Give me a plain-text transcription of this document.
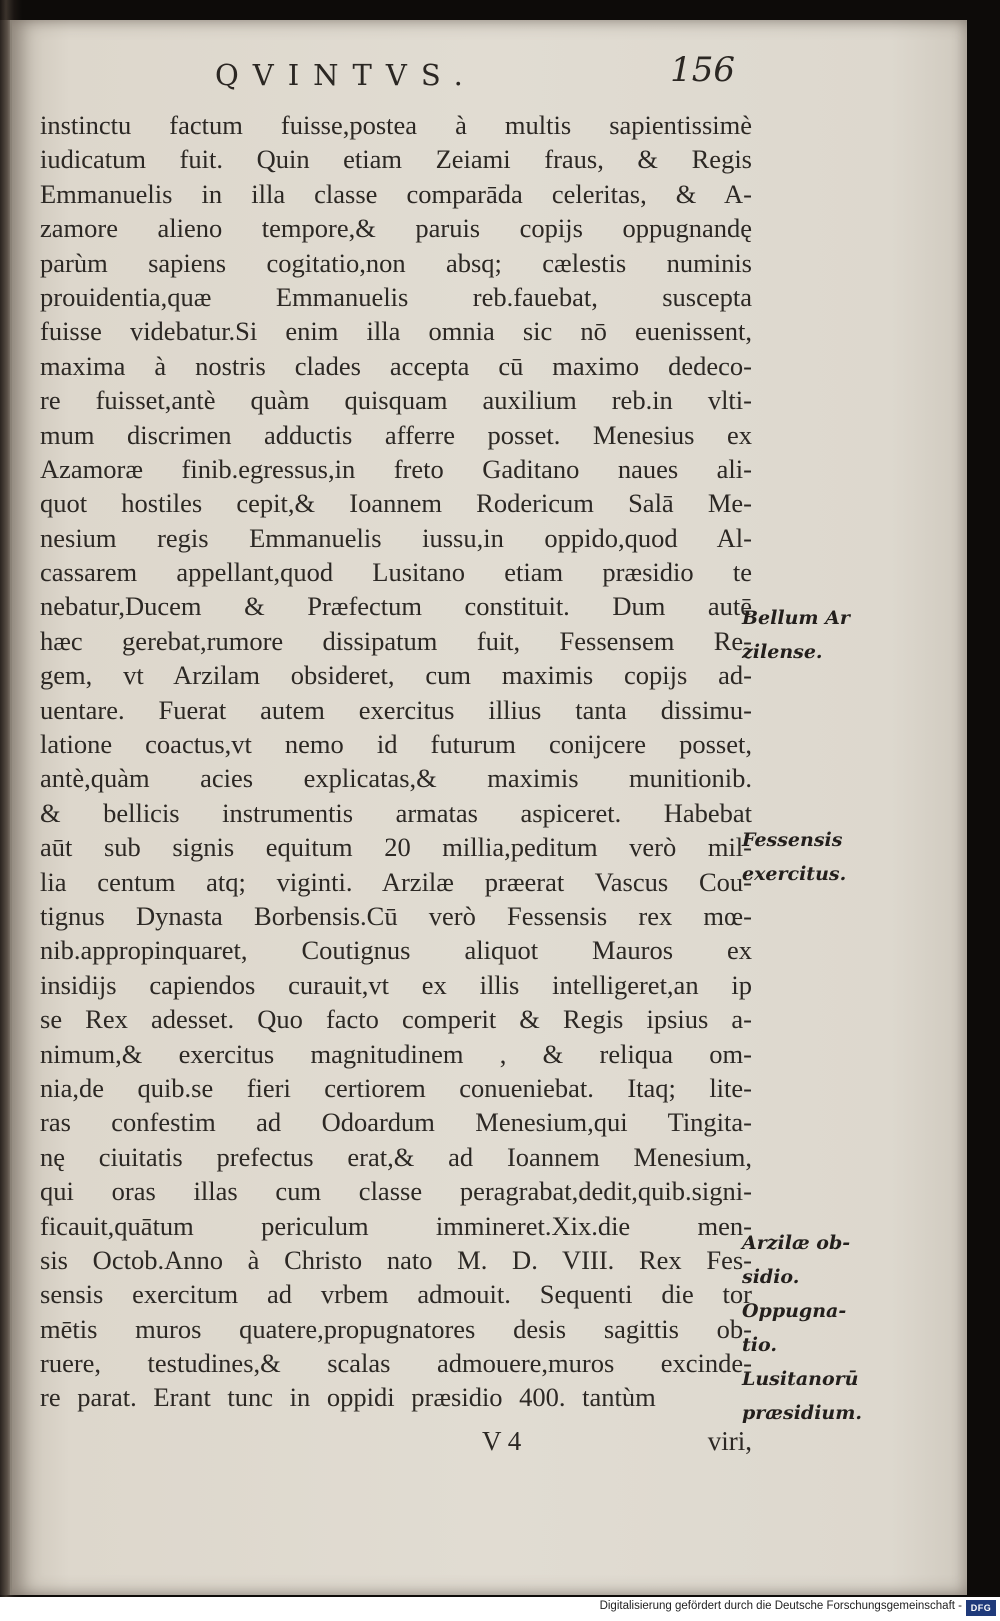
QVINTVS.	156
instinctu factum fuisse,postea à multis sapientissimè
iudicatum fuit. Quin etiam Zeiami fraus, & Regis
Emmanuelis in illa classe comparāda celeritas, & A-
zamore alieno tempore,& paruis copijs oppugnandę
parùm sapiens cogitatio,non absq; cælestis numinis
prouidentia,quæ Emmanuelis reb.fauebat, suscepta
fuisse videbatur.Si enim illa omnia sic nō euenissent,
maxima à nostris clades accepta cū maximo dedeco-
re fuisset,antè quàm quisquam auxilium reb.in vlti-
mum discrimen adductis afferre posset. Menesius ex
Azamoræ finib.egressus,in freto Gaditano naues ali-
quot hostiles cepit,& Ioannem Rodericum Salā Me-
nesium regis Emmanuelis iussu,in oppido,quod Al-
cassarem appellant,quod Lusitano etiam præsidio te
nebatur,Ducem & Præfectum constituit. Dum autē
hæc gerebat,rumore dissipatum fuit, Fessensem Re-
gem, vt Arzilam obsideret, cum maximis copijs ad-
uentare. Fuerat autem exercitus illius tanta dissimu-
latione coactus,vt nemo id futurum conijcere posset,
antè,quàm acies explicatas,& maximis munitionib.
& bellicis instrumentis armatas aspiceret. Habebat
aūt sub signis equitum 20 millia,peditum verò mil-
lia centum atq; viginti. Arzilæ præerat Vascus Cou-
tignus Dynasta Borbensis.Cū verò Fessensis rex mœ-
nib.appropinquaret, Coutignus aliquot Mauros ex
insidijs capiendos curauit,vt ex illis intelligeret,an ip
se Rex adesset. Quo facto comperit & Regis ipsius a-
nimum,& exercitus magnitudinem , & reliqua om-
nia,de quib.se fieri certiorem conueniebat. Itaq; lite-
ras confestim ad Odoardum Menesium,qui Tingita-
nę ciuitatis prefectus erat,& ad Ioannem Menesium,
qui oras illas cum classe peragrabat,dedit,quib.signi-
ficauit,quātum periculum immineret.Xix.die men-
sis Octob.Anno à Christo nato M. D. VIII. Rex Fes-
sensis exercitum ad vrbem admouit. Sequenti die tor
mētis muros quatere,propugnatores desis sagittis ob-
ruere, testudines,& scalas admouere,muros excinde-
re parat. Erant tunc in oppidi præsidio 400. tantùm
Bellum Ar
zilense.
Fessensis
exercitus.
Arzilæ ob-
sidio.
Oppugna-
tio.
Lusitanorū
præsidium.
V 4	viri,
Digitalisierung gefördert durch die Deutsche Forschungsgemeinschaft - DFG
